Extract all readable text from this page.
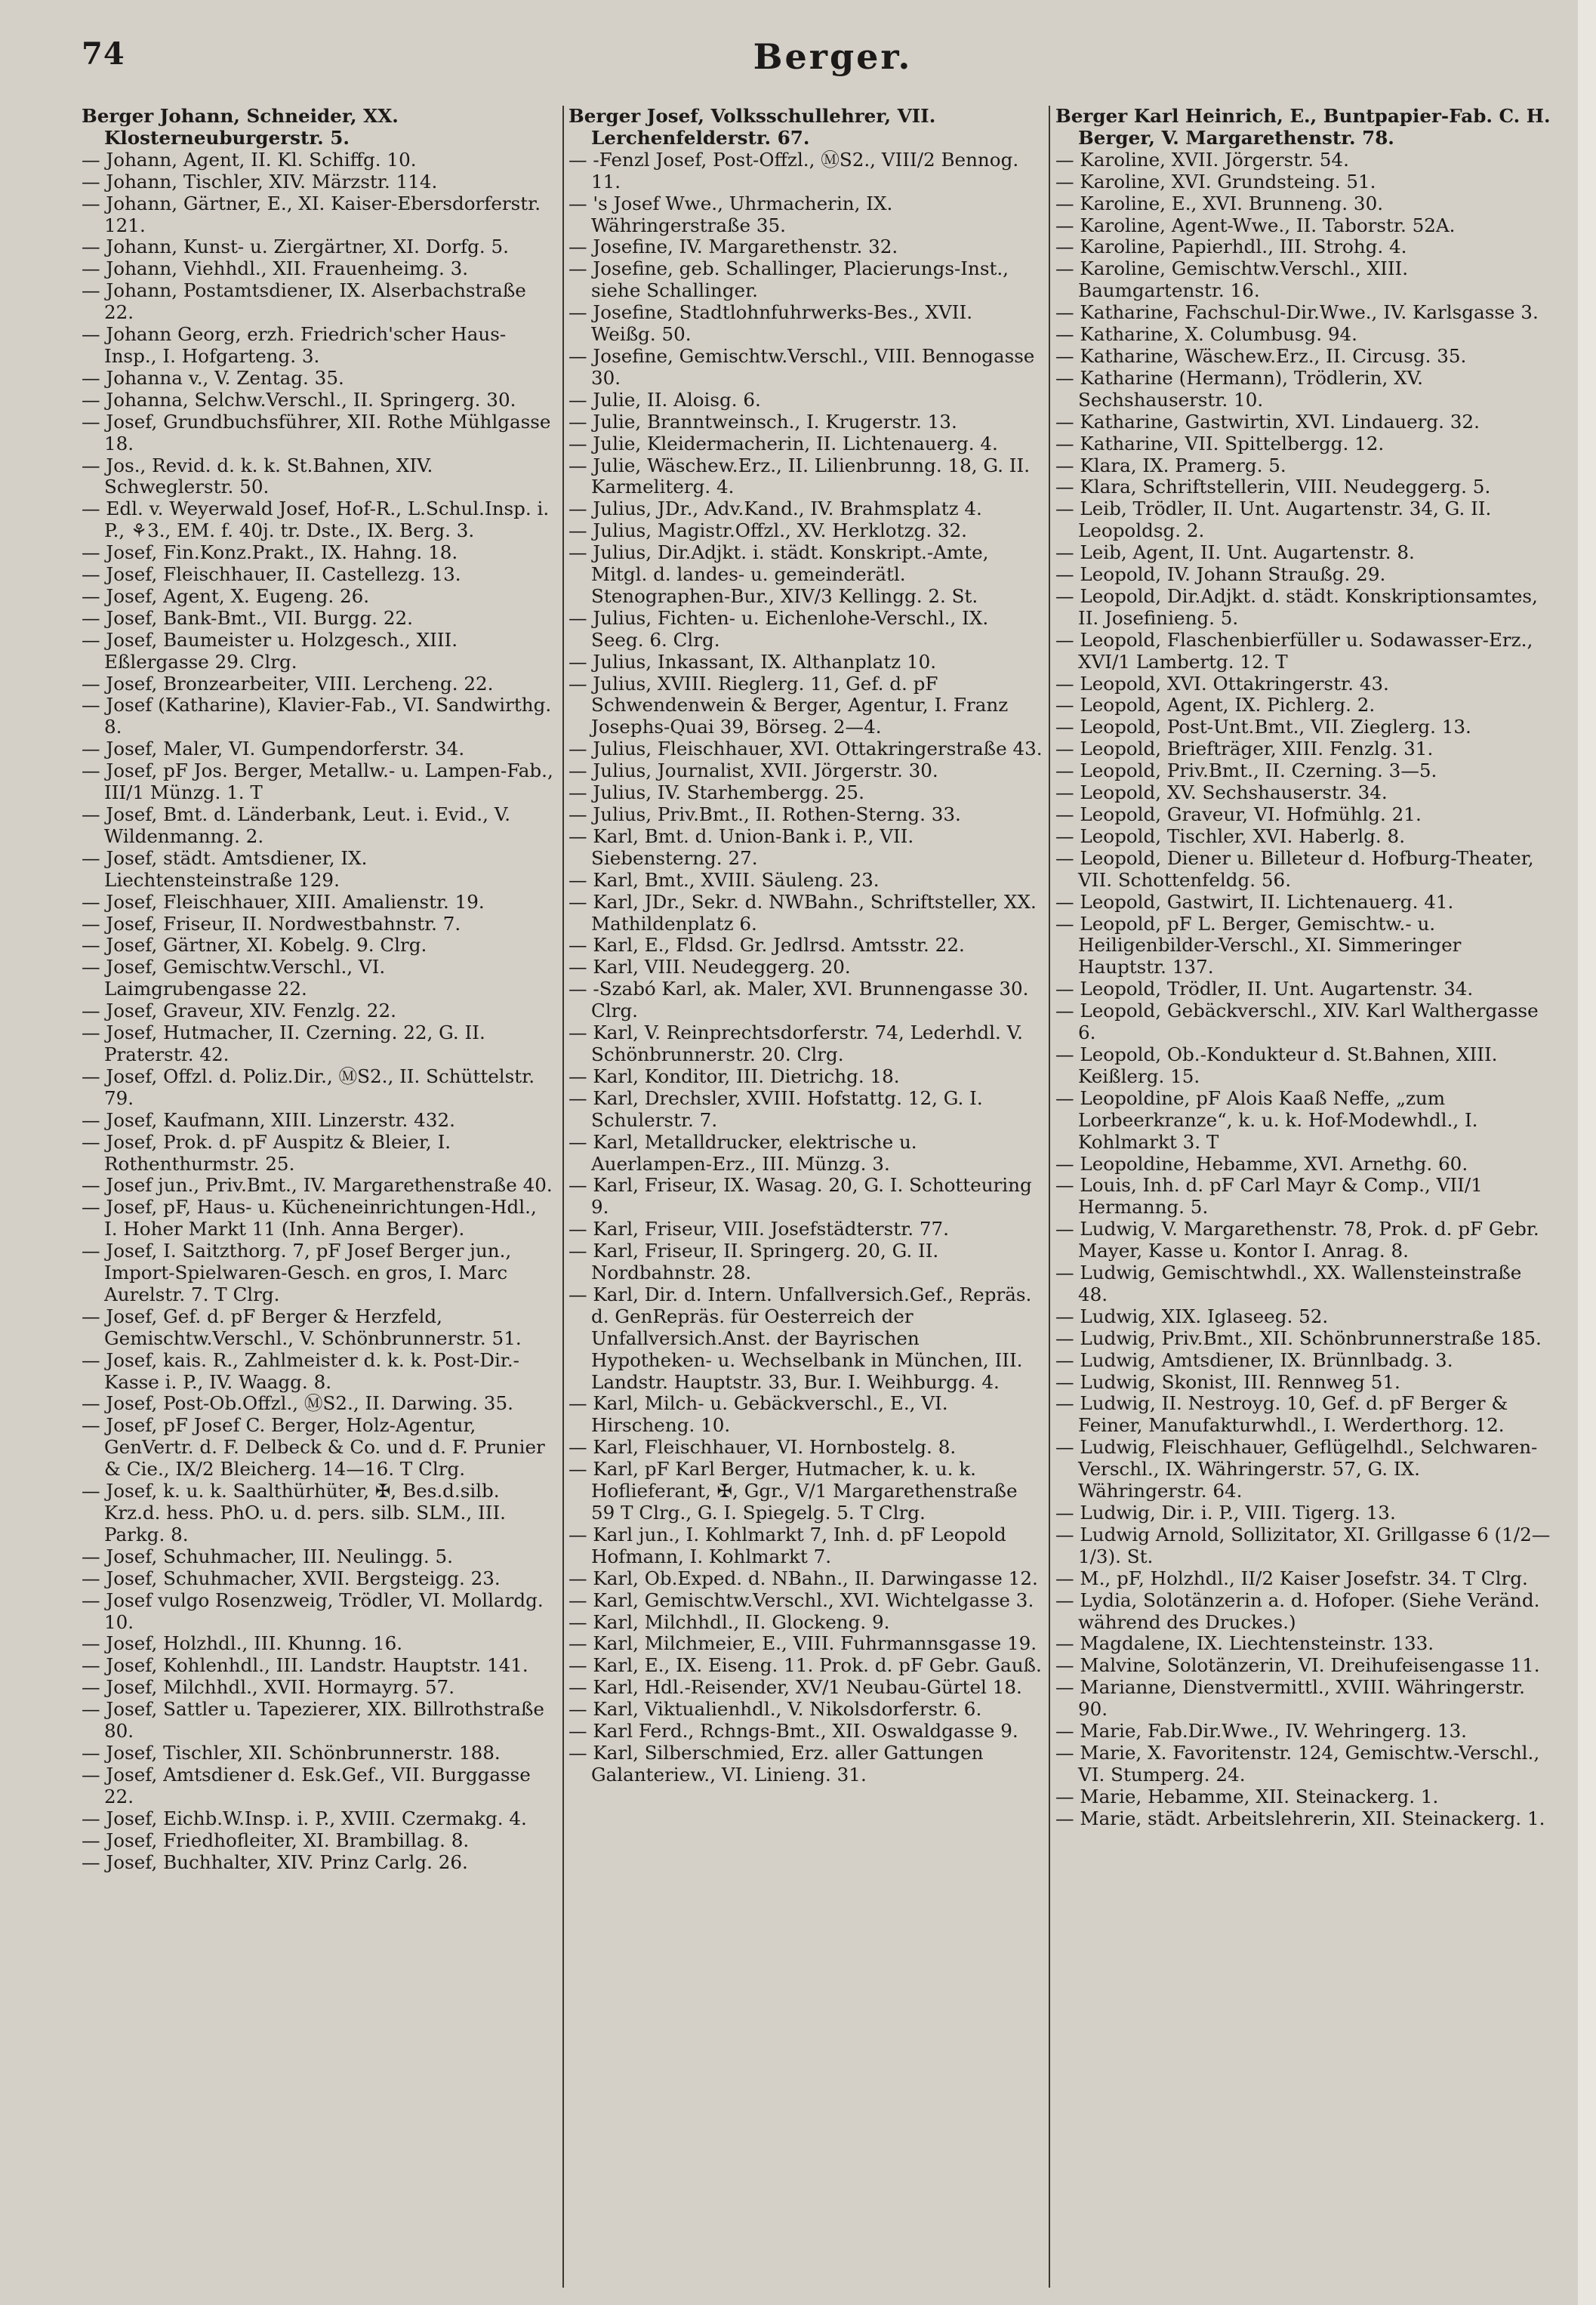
74	Berger.

Berger Johann, Schneider, XX. Klosterneuburgerstr. 5.

— Johann, Agent, II. Kl. Schiffg. 10.

— Johann, Tischler, XIV. Märzstr. 114.

— Johann, Gärtner, E., XI. Kaiser-Ebersdorferstr. 121.

— Johann, Kunst- u. Ziergärtner, XI. Dorfg. 5.

— Johann, Viehhdl., XII. Frauenheimg. 3.

— Johann, Postamtsdiener, IX. Alserbachstraße 22.

— Johann Georg, erzh. Friedrich'scher Haus-Insp., I. Hofgarteng. 3.

— Johanna v., V. Zentag. 35.

— Johanna, Selchw.Verschl., II. Springerg. 30.

— Josef, Grundbuchsführer, XII. Rothe Mühlgasse 18.

— Jos., Revid. d. k. k. St.Bahnen, XIV. Schweglerstr. 50.

— Edl. v. Weyerwald Josef, Hof-R., L.Schul.Insp. i. P., ⚘3., EM. f. 40j. tr. Dste., IX. Berg. 3.

— Josef, Fin.Konz.Prakt., IX. Hahng. 18.

— Josef, Fleischhauer, II. Castellezg. 13.

— Josef, Agent, X. Eugeng. 26.

— Josef, Bank-Bmt., VII. Burgg. 22.

— Josef, Baumeister u. Holzgesch., XIII. Eßlergasse 29. Clrg.

— Josef, Bronzearbeiter, VIII. Lercheng. 22.

— Josef (Katharine), Klavier-Fab., VI. Sandwirthg. 8.

— Josef, Maler, VI. Gumpendorferstr. 34.

— Josef, pF Jos. Berger, Metallw.- u. Lampen-Fab., III/1 Münzg. 1. T

— Josef, Bmt. d. Länderbank, Leut. i. Evid., V. Wildenmanng. 2.

— Josef, städt. Amtsdiener, IX. Liechtensteinstraße 129.

— Josef, Fleischhauer, XIII. Amalienstr. 19.

— Josef, Friseur, II. Nordwestbahnstr. 7.

— Josef, Gärtner, XI. Kobelg. 9. Clrg.

— Josef, Gemischtw.Verschl., VI. Laimgrubengasse 22.

— Josef, Graveur, XIV. Fenzlg. 22.

— Josef, Hutmacher, II. Czerning. 22, G. II. Praterstr. 42.

— Josef, Offzl. d. Poliz.Dir., ⓂS2., II. Schüttelstr. 79.

— Josef, Kaufmann, XIII. Linzerstr. 432.

— Josef, Prok. d. pF Auspitz & Bleier, I. Rothenthurmstr. 25.

— Josef jun., Priv.Bmt., IV. Margarethenstraße 40.

— Josef, pF, Haus- u. Kücheneinrichtungen-Hdl., I. Hoher Markt 11 (Inh. Anna Berger).

— Josef, I. Saitzthorg. 7, pF Josef Berger jun., Import-Spielwaren-Gesch. en gros, I. Marc Aurelstr. 7. T Clrg.

— Josef, Gef. d. pF Berger & Herzfeld, Gemischtw.Verschl., V. Schönbrunnerstr. 51.

— Josef, kais. R., Zahlmeister d. k. k. Post-Dir.-Kasse i. P., IV. Waagg. 8.

— Josef, Post-Ob.Offzl., ⓂS2., II. Darwing. 35.

— Josef, pF Josef C. Berger, Holz-Agentur, GenVertr. d. F. Delbeck & Co. und d. F. Prunier & Cie., IX/2 Bleicherg. 14—16. T Clrg.

— Josef, k. u. k. Saalthürhüter, ✠, Bes.d.silb. Krz.d. hess. PhO. u. d. pers. silb. SLM., III. Parkg. 8.

— Josef, Schuhmacher, III. Neulingg. 5.

— Josef, Schuhmacher, XVII. Bergsteigg. 23.

— Josef vulgo Rosenzweig, Trödler, VI. Mollardg. 10.

— Josef, Holzhdl., III. Khunng. 16.

— Josef, Kohlenhdl., III. Landstr. Hauptstr. 141.

— Josef, Milchhdl., XVII. Hormayrg. 57.

— Josef, Sattler u. Tapezierer, XIX. Billrothstraße 80.

— Josef, Tischler, XII. Schönbrunnerstr. 188.

— Josef, Amtsdiener d. Esk.Gef., VII. Burggasse 22.

— Josef, Eichb.W.Insp. i. P., XVIII. Czermakg. 4.

— Josef, Friedhofleiter, XI. Brambillag. 8.

— Josef, Buchhalter, XIV. Prinz Carlg. 26.

Berger Josef, Volksschullehrer, VII. Lerchenfelderstr. 67.

— -Fenzl Josef, Post-Offzl., ⓂS2., VIII/2 Bennog. 11.

— 's Josef Wwe., Uhrmacherin, IX. Währingerstraße 35.

— Josefine, IV. Margarethenstr. 32.

— Josefine, geb. Schallinger, Placierungs-Inst., siehe Schallinger.

— Josefine, Stadtlohnfuhrwerks-Bes., XVII. Weißg. 50.

— Josefine, Gemischtw.Verschl., VIII. Bennogasse 30.

— Julie, II. Aloisg. 6.

— Julie, Branntweinsch., I. Krugerstr. 13.

— Julie, Kleidermacherin, II. Lichtenauerg. 4.

— Julie, Wäschew.Erz., II. Lilienbrunng. 18, G. II. Karmeliterg. 4.

— Julius, JDr., Adv.Kand., IV. Brahmsplatz 4.

— Julius, Magistr.Offzl., XV. Herklotzg. 32.

— Julius, Dir.Adjkt. i. städt. Konskript.-Amte, Mitgl. d. landes- u. gemeinderätl. Stenographen-Bur., XIV/3 Kellingg. 2. St.

— Julius, Fichten- u. Eichenlohe-Verschl., IX. Seeg. 6. Clrg.

— Julius, Inkassant, IX. Althanplatz 10.

— Julius, XVIII. Rieglerg. 11, Gef. d. pF Schwendenwein & Berger, Agentur, I. Franz Josephs-Quai 39, Börseg. 2—4.

— Julius, Fleischhauer, XVI. Ottakringerstraße 43.

— Julius, Journalist, XVII. Jörgerstr. 30.

— Julius, IV. Starhembergg. 25.

— Julius, Priv.Bmt., II. Rothen-Sterng. 33.

— Karl, Bmt. d. Union-Bank i. P., VII. Siebensterng. 27.

— Karl, Bmt., XVIII. Säuleng. 23.

— Karl, JDr., Sekr. d. NWBahn., Schriftsteller, XX. Mathildenplatz 6.

— Karl, E., Fldsd. Gr. Jedlrsd. Amtsstr. 22.

— Karl, VIII. Neudeggerg. 20.

— -Szabó Karl, ak. Maler, XVI. Brunnengasse 30. Clrg.

— Karl, V. Reinprechtsdorferstr. 74, Lederhdl. V. Schönbrunnerstr. 20. Clrg.

— Karl, Konditor, III. Dietrichg. 18.

— Karl, Drechsler, XVIII. Hofstattg. 12, G. I. Schulerstr. 7.

— Karl, Metalldrucker, elektrische u. Auerlampen-Erz., III. Münzg. 3.

— Karl, Friseur, IX. Wasag. 20, G. I. Schotteuring 9.

— Karl, Friseur, VIII. Josefstädterstr. 77.

— Karl, Friseur, II. Springerg. 20, G. II. Nordbahnstr. 28.

— Karl, Dir. d. Intern. Unfallversich.Gef., Repräs. d. GenRepräs. für Oesterreich der Unfallversich.Anst. der Bayrischen Hypotheken- u. Wechselbank in München, III. Landstr. Hauptstr. 33, Bur. I. Weihburgg. 4.

— Karl, Milch- u. Gebäckverschl., E., VI. Hirscheng. 10.

— Karl, Fleischhauer, VI. Hornbostelg. 8.

— Karl, pF Karl Berger, Hutmacher, k. u. k. Hoflieferant, ✠, Ggr., V/1 Margarethenstraße 59 T Clrg., G. I. Spiegelg. 5. T Clrg.

— Karl jun., I. Kohlmarkt 7, Inh. d. pF Leopold Hofmann, I. Kohlmarkt 7.

— Karl, Ob.Exped. d. NBahn., II. Darwingasse 12.

— Karl, Gemischtw.Verschl., XVI. Wichtelgasse 3.

— Karl, Milchhdl., II. Glockeng. 9.

— Karl, Milchmeier, E., VIII. Fuhrmannsgasse 19.

— Karl, E., IX. Eiseng. 11. Prok. d. pF Gebr. Gauß.

— Karl, Hdl.-Reisender, XV/1 Neubau-Gürtel 18.

— Karl, Viktualienhdl., V. Nikolsdorferstr. 6.

— Karl Ferd., Rchngs-Bmt., XII. Oswaldgasse 9.

— Karl, Silberschmied, Erz. aller Gattungen Galanteriew., VI. Linieng. 31.

Berger Karl Heinrich, E., Buntpapier-Fab. C. H. Berger, V. Margarethenstr. 78.

— Karoline, XVII. Jörgerstr. 54.

— Karoline, XVI. Grundsteing. 51.

— Karoline, E., XVI. Brunneng. 30.

— Karoline, Agent-Wwe., II. Taborstr. 52A.

— Karoline, Papierhdl., III. Strohg. 4.

— Karoline, Gemischtw.Verschl., XIII. Baumgartenstr. 16.

— Katharine, Fachschul-Dir.Wwe., IV. Karlsgasse 3.

— Katharine, X. Columbusg. 94.

— Katharine, Wäschew.Erz., II. Circusg. 35.

— Katharine (Hermann), Trödlerin, XV. Sechshauserstr. 10.

— Katharine, Gastwirtin, XVI. Lindauerg. 32.

— Katharine, VII. Spittelbergg. 12.

— Klara, IX. Pramerg. 5.

— Klara, Schriftstellerin, VIII. Neudeggerg. 5.

— Leib, Trödler, II. Unt. Augartenstr. 34, G. II. Leopoldsg. 2.

— Leib, Agent, II. Unt. Augartenstr. 8.

— Leopold, IV. Johann Straußg. 29.

— Leopold, Dir.Adjkt. d. städt. Konskriptionsamtes, II. Josefinieng. 5.

— Leopold, Flaschenbierfüller u. Sodawasser-Erz., XVI/1 Lambertg. 12. T

— Leopold, XVI. Ottakringerstr. 43.

— Leopold, Agent, IX. Pichlerg. 2.

— Leopold, Post-Unt.Bmt., VII. Zieglerg. 13.

— Leopold, Briefträger, XIII. Fenzlg. 31.

— Leopold, Priv.Bmt., II. Czerning. 3—5.

— Leopold, XV. Sechshauserstr. 34.

— Leopold, Graveur, VI. Hofmühlg. 21.

— Leopold, Tischler, XVI. Haberlg. 8.

— Leopold, Diener u. Billeteur d. Hofburg-Theater, VII. Schottenfeldg. 56.

— Leopold, Gastwirt, II. Lichtenauerg. 41.

— Leopold, pF L. Berger, Gemischtw.- u. Heiligenbilder-Verschl., XI. Simmeringer Hauptstr. 137.

— Leopold, Trödler, II. Unt. Augartenstr. 34.

— Leopold, Gebäckverschl., XIV. Karl Walthergasse 6.

— Leopold, Ob.-Kondukteur d. St.Bahnen, XIII. Keißlerg. 15.

— Leopoldine, pF Alois Kaaß Neffe, „zum Lorbeerkranze“, k. u. k. Hof-Modewhdl., I. Kohlmarkt 3. T

— Leopoldine, Hebamme, XVI. Arnethg. 60.

— Louis, Inh. d. pF Carl Mayr & Comp., VII/1 Hermanng. 5.

— Ludwig, V. Margarethenstr. 78, Prok. d. pF Gebr. Mayer, Kasse u. Kontor I. Anrag. 8.

— Ludwig, Gemischtwhdl., XX. Wallensteinstraße 48.

— Ludwig, XIX. Iglaseeg. 52.

— Ludwig, Priv.Bmt., XII. Schönbrunnerstraße 185.

— Ludwig, Amtsdiener, IX. Brünnlbadg. 3.

— Ludwig, Skonist, III. Rennweg 51.

— Ludwig, II. Nestroyg. 10, Gef. d. pF Berger & Feiner, Manufakturwhdl., I. Werderthorg. 12.

— Ludwig, Fleischhauer, Geflügelhdl., Selchwaren-Verschl., IX. Währingerstr. 57, G. IX. Währingerstr. 64.

— Ludwig, Dir. i. P., VIII. Tigerg. 13.

— Ludwig Arnold, Sollizitator, XI. Grillgasse 6 (1/2—1/3). St.

— M., pF, Holzhdl., II/2 Kaiser Josefstr. 34. T Clrg.

— Lydia, Solotänzerin a. d. Hofoper. (Siehe Veränd. während des Druckes.)

— Magdalene, IX. Liechtensteinstr. 133.

— Malvine, Solotänzerin, VI. Dreihufeisengasse 11.

— Marianne, Dienstvermittl., XVIII. Währingerstr. 90.

— Marie, Fab.Dir.Wwe., IV. Wehringerg. 13.

— Marie, X. Favoritenstr. 124, Gemischtw.-Verschl., VI. Stumperg. 24.

— Marie, Hebamme, XII. Steinackerg. 1.

— Marie, städt. Arbeitslehrerin, XII. Steinackerg. 1.
